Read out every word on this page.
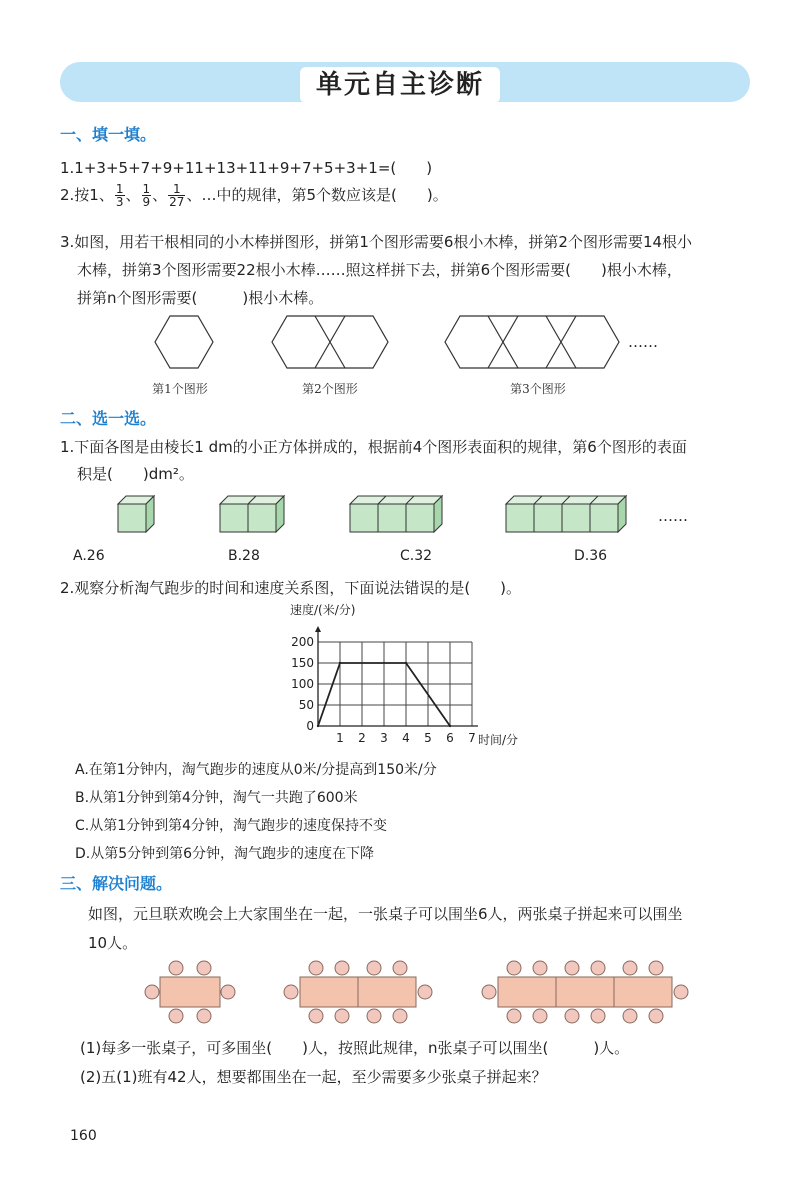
单元自主诊断
一、填一填。
1.1+3+5+7+9+11+13+11+9+7+5+3+1=(　　)
2.按1、 $\frac{1}{3}$ 、 $\frac{1}{9}$ 、 $\frac{1}{27}$ 、…中的规律，第5个数应该是(　　)。
3.如图，用若干根相同的小木棒拼图形，拼第1个图形需要6根小木棒，拼第2个图形需要14根小
木棒，拼第3个图形需要22根小木棒……照这样拼下去，拼第6个图形需要(　　)根小木棒，
拼第n个图形需要(　　　)根小木棒。
……
第1个图形	第2个图形	第3个图形
二、选一选。
1.下面各图是由棱长1 dm的小正方体拼成的，根据前4个图形表面积的规律，第6个图形的表面
积是(　　)dm²。
……
A.26	B.28	C.32	D.36
2.观察分析淘气跑步的时间和速度关系图，下面说法错误的是(　　)。
速度/(米/分)
时间/分
1 2 3 4 5 6 7
0
50
100
150
200
A.在第1分钟内，淘气跑步的速度从0米/分提高到150米/分
B.从第1分钟到第4分钟，淘气一共跑了600米
C.从第1分钟到第4分钟，淘气跑步的速度保持不变
D.从第5分钟到第6分钟，淘气跑步的速度在下降
三、解决问题。
如图，元旦联欢晚会上大家围坐在一起，一张桌子可以围坐6人，两张桌子拼起来可以围坐
10人。
(1)每多一张桌子，可多围坐(　　)人，按照此规律，n张桌子可以围坐(　　　)人。
(2)五(1)班有42人，想要都围坐在一起，至少需要多少张桌子拼起来？
160
